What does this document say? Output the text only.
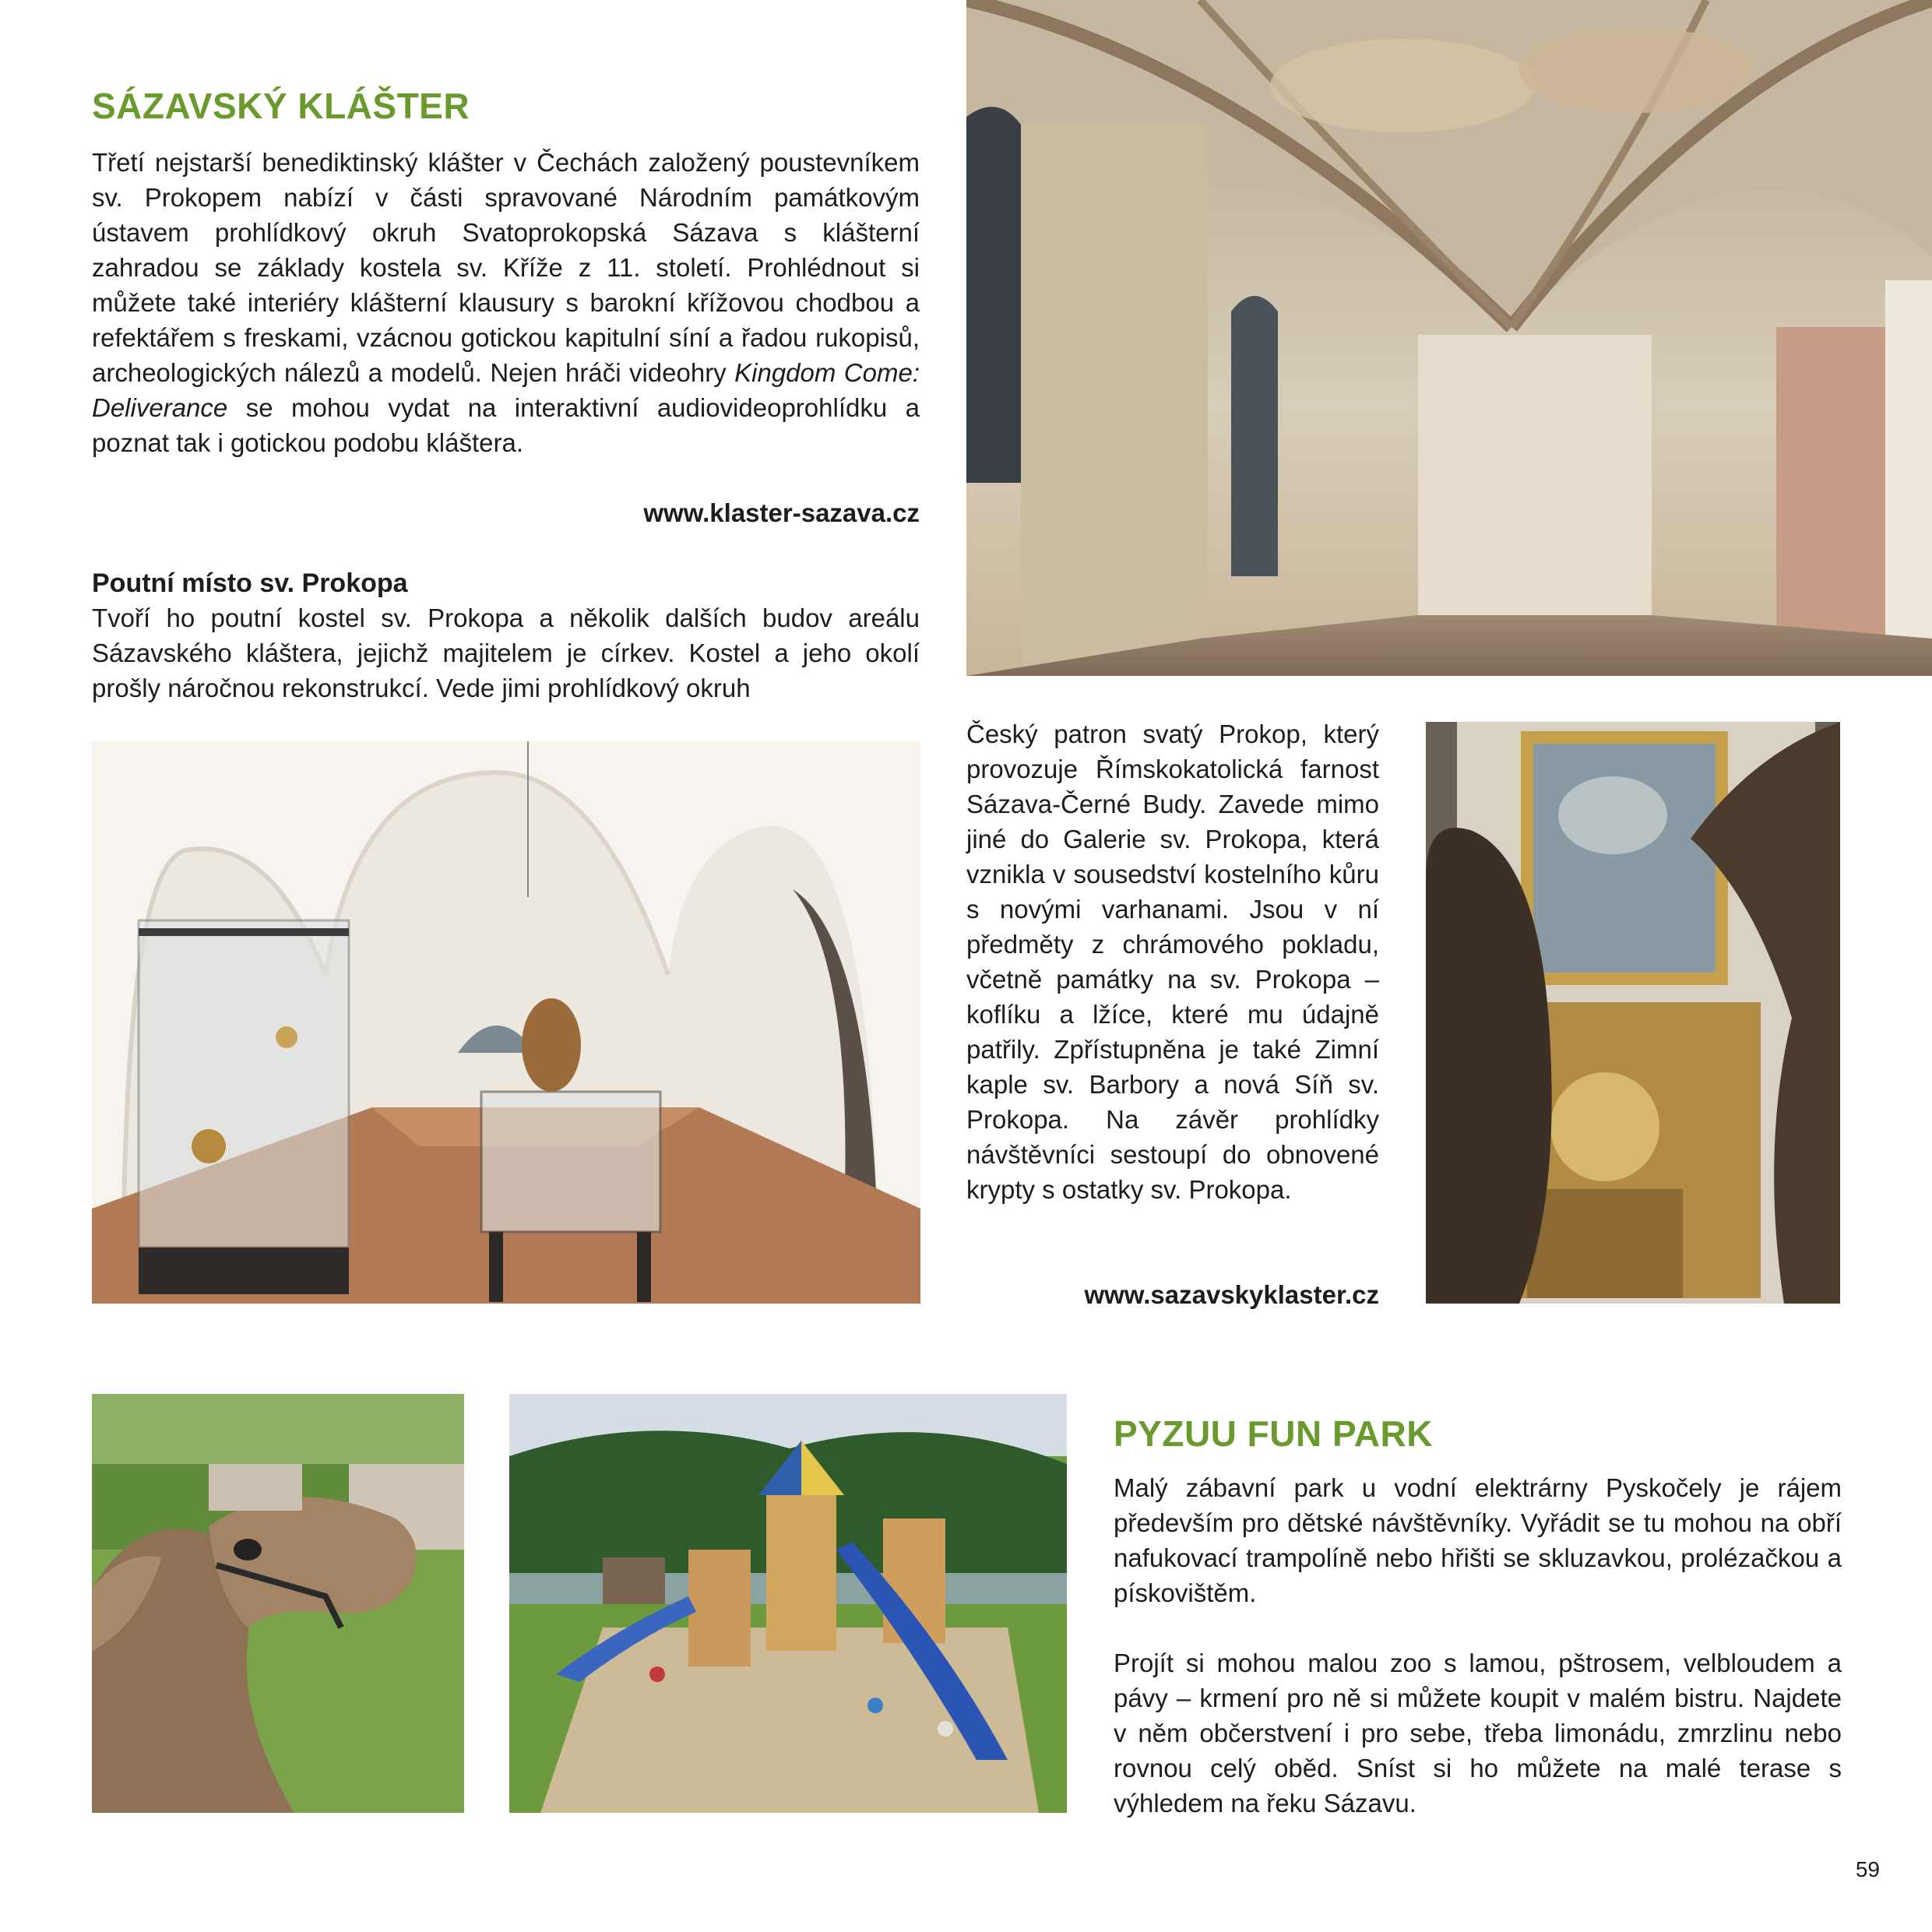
SÁZAVSKÝ KLÁŠTER
Třetí nejstarší benediktinský klášter v Čechách založený poustevníkem sv. Prokopem nabízí v části spravované Národním památkovým ústavem prohlídkový okruh Svatoprokopská Sázava s klášterní zahradou se základy kostela sv. Kříže z 11. století. Prohlédnout si můžete také interiéry klášterní klausury s barokní křížovou chodbou a refektářem s freskami, vzácnou gotickou kapitulní síní a řadou rukopisů, archeologických nálezů a modelů. Nejen hráči videohry Kingdom Come: Deliverance se mohou vydat na interaktivní audiovideoprohlídku a poznat tak i gotickou podobu kláštera.
www.klaster-sazava.cz
Poutní místo sv. Prokopa
Tvoří ho poutní kostel sv. Prokopa a několik dalších budov areálu Sázavského kláštera, jejichž majitelem je církev. Kostel a jeho okolí prošly náročnou rekonstrukcí. Vede jimi prohlídkový okruh
Český patron svatý Prokop, který provozuje Římskokatolická farnost Sázava-Černé Budy. Zavede mimo jiné do Galerie sv. Prokopa, která vznikla v sousedství kostelního kůru s novými varhanami. Jsou v ní předměty z chrámového pokladu, včetně památky na sv. Prokopa – koflíku a lžíce, které mu údajně patřily. Zpřístupněna je také Zimní kaple sv. Barbory a nová Síň sv. Prokopa. Na závěr prohlídky návštěvníci sestoupí do obnovené krypty s ostatky sv. Prokopa.
www.sazavskyklaster.cz
PYZUU FUN PARK

Malý zábavní park u vodní elektrárny Pyskočely je rájem především pro dětské návštěvníky. Vyřádit se tu mohou na obří nafukovací trampolíně nebo hřišti se skluzavkou, prolézačkou a pískovištěm.

Projít si mohou malou zoo s lamou, pštrosem, velbloudem a pávy – krmení pro ně si můžete koupit v malém bistru. Najdete v něm občerstvení i pro sebe, třeba limonádu, zmrzlinu nebo rovnou celý oběd. Sníst si ho můžete na malé terase s výhledem na řeku Sázavu.

59
